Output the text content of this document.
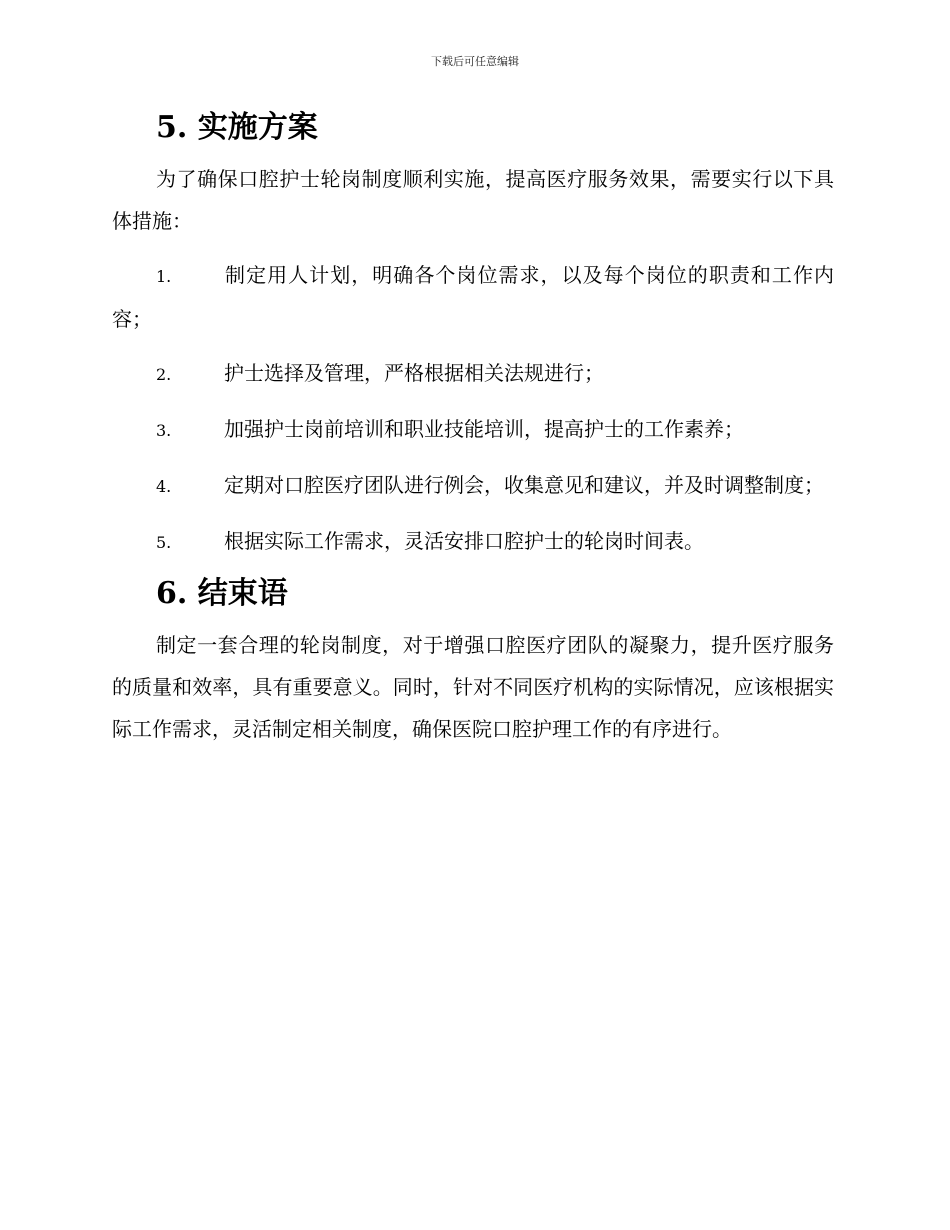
下载后可任意编辑
5. 实施方案

为了确保口腔护士轮岗制度顺利实施，提高医疗服务效果，需要实行以下具体措施：

1.	制定用人计划，明确各个岗位需求，以及每个岗位的职责和工作内容；

2.	护士选择及管理，严格根据相关法规进行；

3.	加强护士岗前培训和职业技能培训，提高护士的工作素养；

4.	定期对口腔医疗团队进行例会，收集意见和建议，并及时调整制度；

5.	根据实际工作需求，灵活安排口腔护士的轮岗时间表。

6. 结束语

制定一套合理的轮岗制度，对于增强口腔医疗团队的凝聚力，提升医疗服务的质量和效率，具有重要意义。同时，针对不同医疗机构的实际情况，应该根据实际工作需求，灵活制定相关制度，确保医院口腔护理工作的有序进行。
